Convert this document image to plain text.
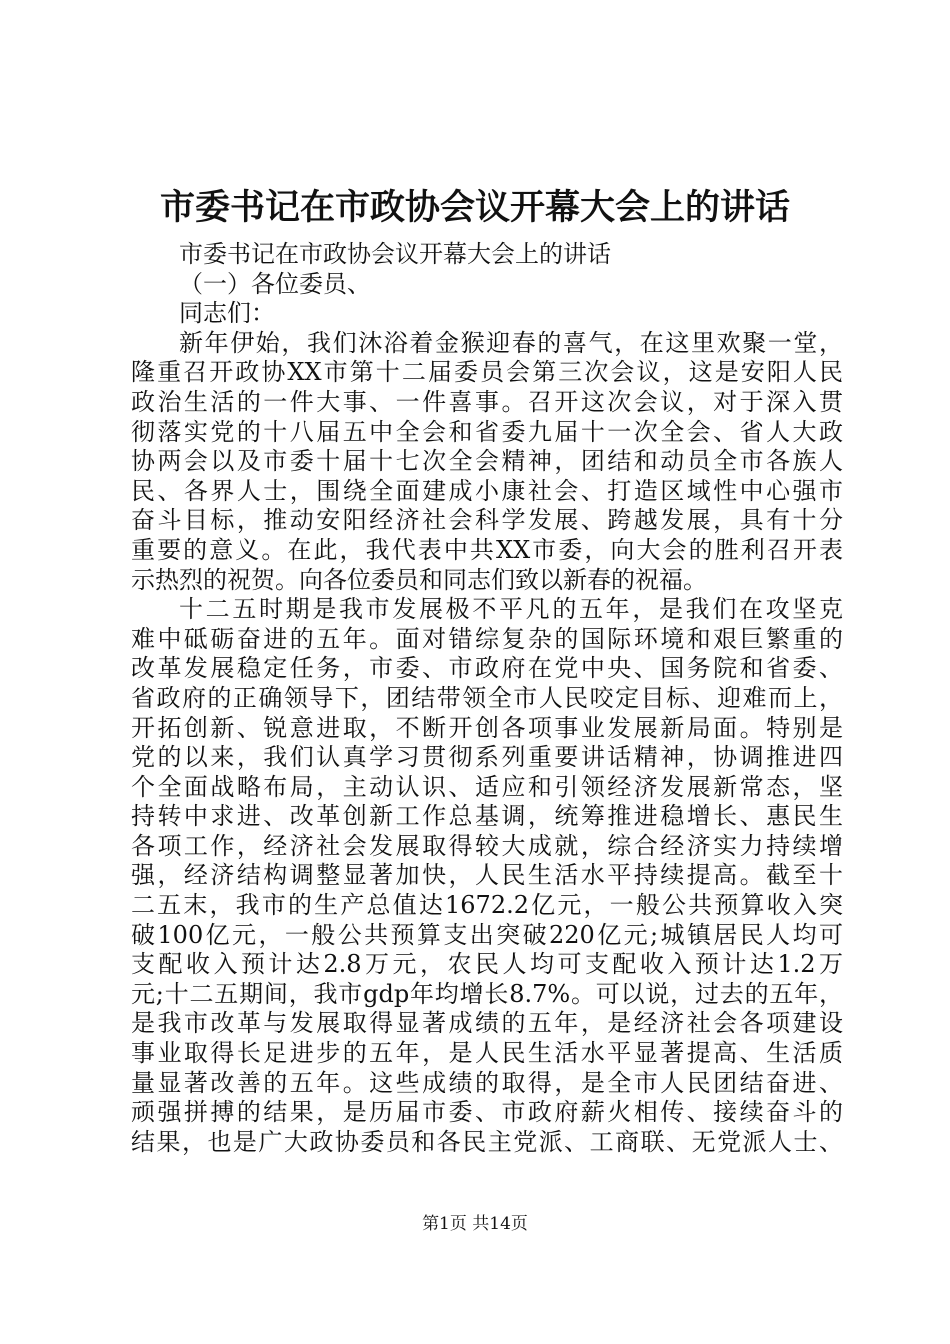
市委书记在市政协会议开幕大会上的讲话
市委书记在市政协会议开幕大会上的讲话
（一）各位委员、
同志们：
新年伊始，我们沐浴着金猴迎春的喜气，在这里欢聚一堂，
隆重召开政协XX市第十二届委员会第三次会议，这是安阳人民
政治生活的一件大事、一件喜事。召开这次会议，对于深入贯
彻落实党的十八届五中全会和省委九届十一次全会、省人大政
协两会以及市委十届十七次全会精神，团结和动员全市各族人
民、各界人士，围绕全面建成小康社会、打造区域性中心强市
奋斗目标，推动安阳经济社会科学发展、跨越发展，具有十分
重要的意义。在此，我代表中共XX市委，向大会的胜利召开表
示热烈的祝贺。向各位委员和同志们致以新春的祝福。
十二五时期是我市发展极不平凡的五年，是我们在攻坚克
难中砥砺奋进的五年。面对错综复杂的国际环境和艰巨繁重的
改革发展稳定任务，市委、市政府在党中央、国务院和省委、
省政府的正确领导下，团结带领全市人民咬定目标、迎难而上，
开拓创新、锐意进取，不断开创各项事业发展新局面。特别是
党的以来，我们认真学习贯彻系列重要讲话精神，协调推进四
个全面战略布局，主动认识、适应和引领经济发展新常态，坚
持转中求进、改革创新工作总基调，统筹推进稳增长、惠民生
各项工作，经济社会发展取得较大成就，综合经济实力持续增
强，经济结构调整显著加快，人民生活水平持续提高。截至十
二五末，我市的生产总值达1672.2亿元，一般公共预算收入突
破100亿元，一般公共预算支出突破220亿元;城镇居民人均可
支配收入预计达2.8万元，农民人均可支配收入预计达1.2万
元;十二五期间，我市gdp年均增长8.7%。可以说，过去的五年，
是我市改革与发展取得显著成绩的五年，是经济社会各项建设
事业取得长足进步的五年，是人民生活水平显著提高、生活质
量显著改善的五年。这些成绩的取得，是全市人民团结奋进、
顽强拼搏的结果，是历届市委、市政府薪火相传、接续奋斗的
结果，也是广大政协委员和各民主党派、工商联、无党派人士、
第1页 共14页
